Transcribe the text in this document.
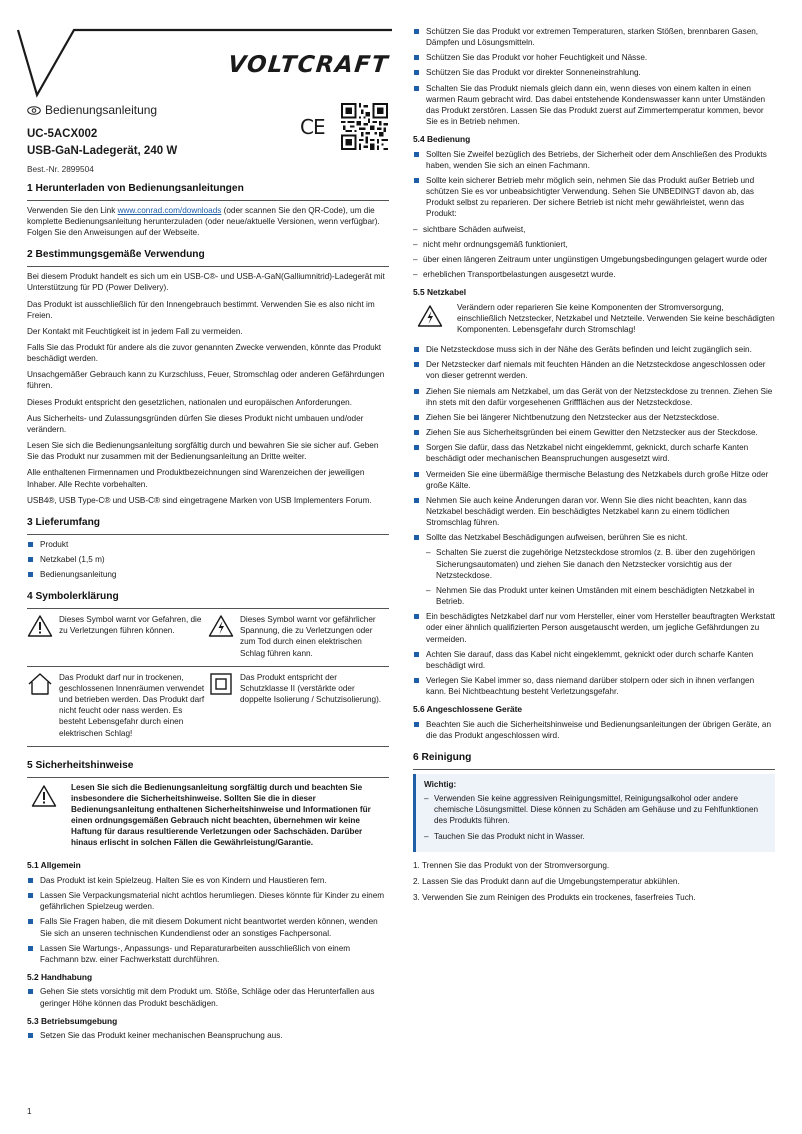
VOLTCRAFT
Bedienungsanleitung
UC-5ACX002
USB-GaN-Ladegerät, 240 W
Best.-Nr. 2899504
CE
1 Herunterladen von Bedienungsanleitungen

Verwenden Sie den Link www.conrad.com/downloads (oder scannen Sie den QR-Code), um die komplette Bedienungsanleitung herunterzuladen (oder neue/aktuelle Versionen, wenn verfügbar). Folgen Sie den Anweisungen auf der Webseite.

2 Bestimmungsgemäße Verwendung

Bei diesem Produkt handelt es sich um ein USB-C®- und USB-A-GaN(Galliumnitrid)-Ladegerät mit Unterstützung für PD (Power Delivery).

Das Produkt ist ausschließlich für den Innengebrauch bestimmt. Verwenden Sie es also nicht im Freien.

Der Kontakt mit Feuchtigkeit ist in jedem Fall zu vermeiden.

Falls Sie das Produkt für andere als die zuvor genannten Zwecke verwenden, könnte das Produkt beschädigt werden.

Unsachgemäßer Gebrauch kann zu Kurzschluss, Feuer, Stromschlag oder anderen Gefährdungen führen.

Dieses Produkt entspricht den gesetzlichen, nationalen und europäischen Anforderungen.

Aus Sicherheits- und Zulassungsgründen dürfen Sie dieses Produkt nicht umbauen und/oder verändern.

Lesen Sie sich die Bedienungsanleitung sorgfältig durch und bewahren Sie sie sicher auf. Geben Sie das Produkt nur zusammen mit der Bedienungsanleitung an Dritte weiter.

Alle enthaltenen Firmennamen und Produktbezeichnungen sind Warenzeichen der jeweiligen Inhaber. Alle Rechte vorbehalten.

USB4®, USB Type-C® und USB-C® sind eingetragene Marken von USB Implementers Forum.

3 Lieferumfang
Produkt
Netzkabel (1,5 m)
Bedienungsanleitung
4 Symbolerklärung
Dieses Symbol warnt vor Gefahren, die zu Verletzungen führen können.
Dieses Symbol warnt vor gefährlicher Spannung, die zu Verletzungen oder zum Tod durch einen elektrischen Schlag führen kann.
Das Produkt darf nur in trockenen, geschlossenen Innenräumen verwendet und betrieben werden. Das Produkt darf nicht feucht oder nass werden. Es besteht Lebensgefahr durch einen elektrischen Schlag!
Das Produkt entspricht der Schutzklasse II (verstärkte oder doppelte Isolierung / Schutzisolierung).
5 Sicherheitshinweise

Lesen Sie sich die Bedienungsanleitung sorgfältig durch und beachten Sie insbesondere die Sicherheitshinweise. Sollten Sie die in dieser Bedienungsanleitung enthaltenen Sicherheitshinweise und Informationen für einen ordnungsgemäßen Gebrauch nicht beachten, übernehmen wir keine Haftung für daraus resultierende Verletzungen oder Sachschäden. Darüber hinaus erlischt in solchen Fällen die Gewährleistung/Garantie.

5.1 Allgemein
Das Produkt ist kein Spielzeug. Halten Sie es von Kindern und Haustieren fern.
Lassen Sie Verpackungsmaterial nicht achtlos herumliegen. Dieses könnte für Kinder zu einem gefährlichen Spielzeug werden.
Falls Sie Fragen haben, die mit diesem Dokument nicht beantwortet werden können, wenden Sie sich an unseren technischen Kundendienst oder an sonstiges Fachpersonal.
Lassen Sie Wartungs-, Anpassungs- und Reparaturarbeiten ausschließlich von einem Fachmann bzw. einer Fachwerkstatt durchführen.
5.2 Handhabung
Gehen Sie stets vorsichtig mit dem Produkt um. Stöße, Schläge oder das Herunterfallen aus geringer Höhe können das Produkt beschädigen.
5.3 Betriebsumgebung
Setzen Sie das Produkt keiner mechanischen Beanspruchung aus.
1
Schützen Sie das Produkt vor extremen Temperaturen, starken Stößen, brennbaren Gasen, Dämpfen und Lösungsmitteln.
Schützen Sie das Produkt vor hoher Feuchtigkeit und Nässe.
Schützen Sie das Produkt vor direkter Sonneneinstrahlung.
Schalten Sie das Produkt niemals gleich dann ein, wenn dieses von einem kalten in einen warmen Raum gebracht wird. Das dabei entstehende Kondenswasser kann unter Umständen das Produkt zerstören. Lassen Sie das Produkt zuerst auf Zimmertemperatur kommen, bevor Sie es in Betrieb nehmen.
5.4 Bedienung
Sollten Sie Zweifel bezüglich des Betriebs, der Sicherheit oder dem Anschließen des Produkts haben, wenden Sie sich an einen Fachmann.
Sollte kein sicherer Betrieb mehr möglich sein, nehmen Sie das Produkt außer Betrieb und schützen Sie es vor unbeabsichtigter Verwendung. Sehen Sie UNBEDINGT davon ab, das Produkt selbst zu reparieren. Der sichere Betrieb ist nicht mehr gewährleistet, wenn das Produkt:
– sichtbare Schäden aufweist,
– nicht mehr ordnungsgemäß funktioniert,
– über einen längeren Zeitraum unter ungünstigen Umgebungsbedingungen gelagert wurde oder
– erheblichen Transportbelastungen ausgesetzt wurde.
5.5 Netzkabel

Verändern oder reparieren Sie keine Komponenten der Stromversorgung, einschließlich Netzstecker, Netzkabel und Netzteile. Verwenden Sie keine beschädigten Komponenten. Lebensgefahr durch Stromschlag!

Die Netzsteckdose muss sich in der Nähe des Geräts befinden und leicht zugänglich sein.
Der Netzstecker darf niemals mit feuchten Händen an die Netzsteckdose angeschlossen oder von dieser getrennt werden.
Ziehen Sie niemals am Netzkabel, um das Gerät von der Netzsteckdose zu trennen. Ziehen Sie ihn stets mit den dafür vorgesehenen Griffflächen aus der Netzsteckdose.
Ziehen Sie bei längerer Nichtbenutzung den Netzstecker aus der Netzsteckdose.
Ziehen Sie aus Sicherheitsgründen bei einem Gewitter den Netzstecker aus der Steckdose.
Sorgen Sie dafür, dass das Netzkabel nicht eingeklemmt, geknickt, durch scharfe Kanten beschädigt oder mechanischen Beanspruchungen ausgesetzt wird.
Vermeiden Sie eine übermäßige thermische Belastung des Netzkabels durch große Hitze oder große Kälte.
Nehmen Sie auch keine Änderungen daran vor. Wenn Sie dies nicht beachten, kann das Netzkabel beschädigt werden. Ein beschädigtes Netzkabel kann zu einem tödlichen Stromschlag führen.
Sollte das Netzkabel Beschädigungen aufweisen, berühren Sie es nicht.
– Schalten Sie zuerst die zugehörige Netzsteckdose stromlos (z. B. über den zugehörigen Sicherungsautomaten) und ziehen Sie danach den Netzstecker vorsichtig aus der Netzsteckdose.
– Nehmen Sie das Produkt unter keinen Umständen mit einem beschädigten Netzkabel in Betrieb.
Ein beschädigtes Netzkabel darf nur vom Hersteller, einer vom Hersteller beauftragten Werkstatt oder einer ähnlich qualifizierten Person ausgetauscht werden, um jegliche Gefährdungen zu vermeiden.
Achten Sie darauf, dass das Kabel nicht eingeklemmt, geknickt oder durch scharfe Kanten beschädigt wird.
Verlegen Sie Kabel immer so, dass niemand darüber stolpern oder sich in ihnen verfangen kann. Bei Nichtbeachtung besteht Verletzungsgefahr.
5.6 Angeschlossene Geräte
Beachten Sie auch die Sicherheitshinweise und Bedienungsanleitungen der übrigen Geräte, an die das Produkt angeschlossen wird.
6 Reinigung
Wichtig:
– Verwenden Sie keine aggressiven Reinigungsmittel, Reinigungsalkohol oder andere chemische Lösungsmittel. Diese können zu Schäden am Gehäuse und zu Fehlfunktionen des Produkts führen.
– Tauchen Sie das Produkt nicht in Wasser.
1. Trennen Sie das Produkt von der Stromversorgung.
2. Lassen Sie das Produkt dann auf die Umgebungstemperatur abkühlen.
3. Verwenden Sie zum Reinigen des Produkts ein trockenes, faserfreies Tuch.
